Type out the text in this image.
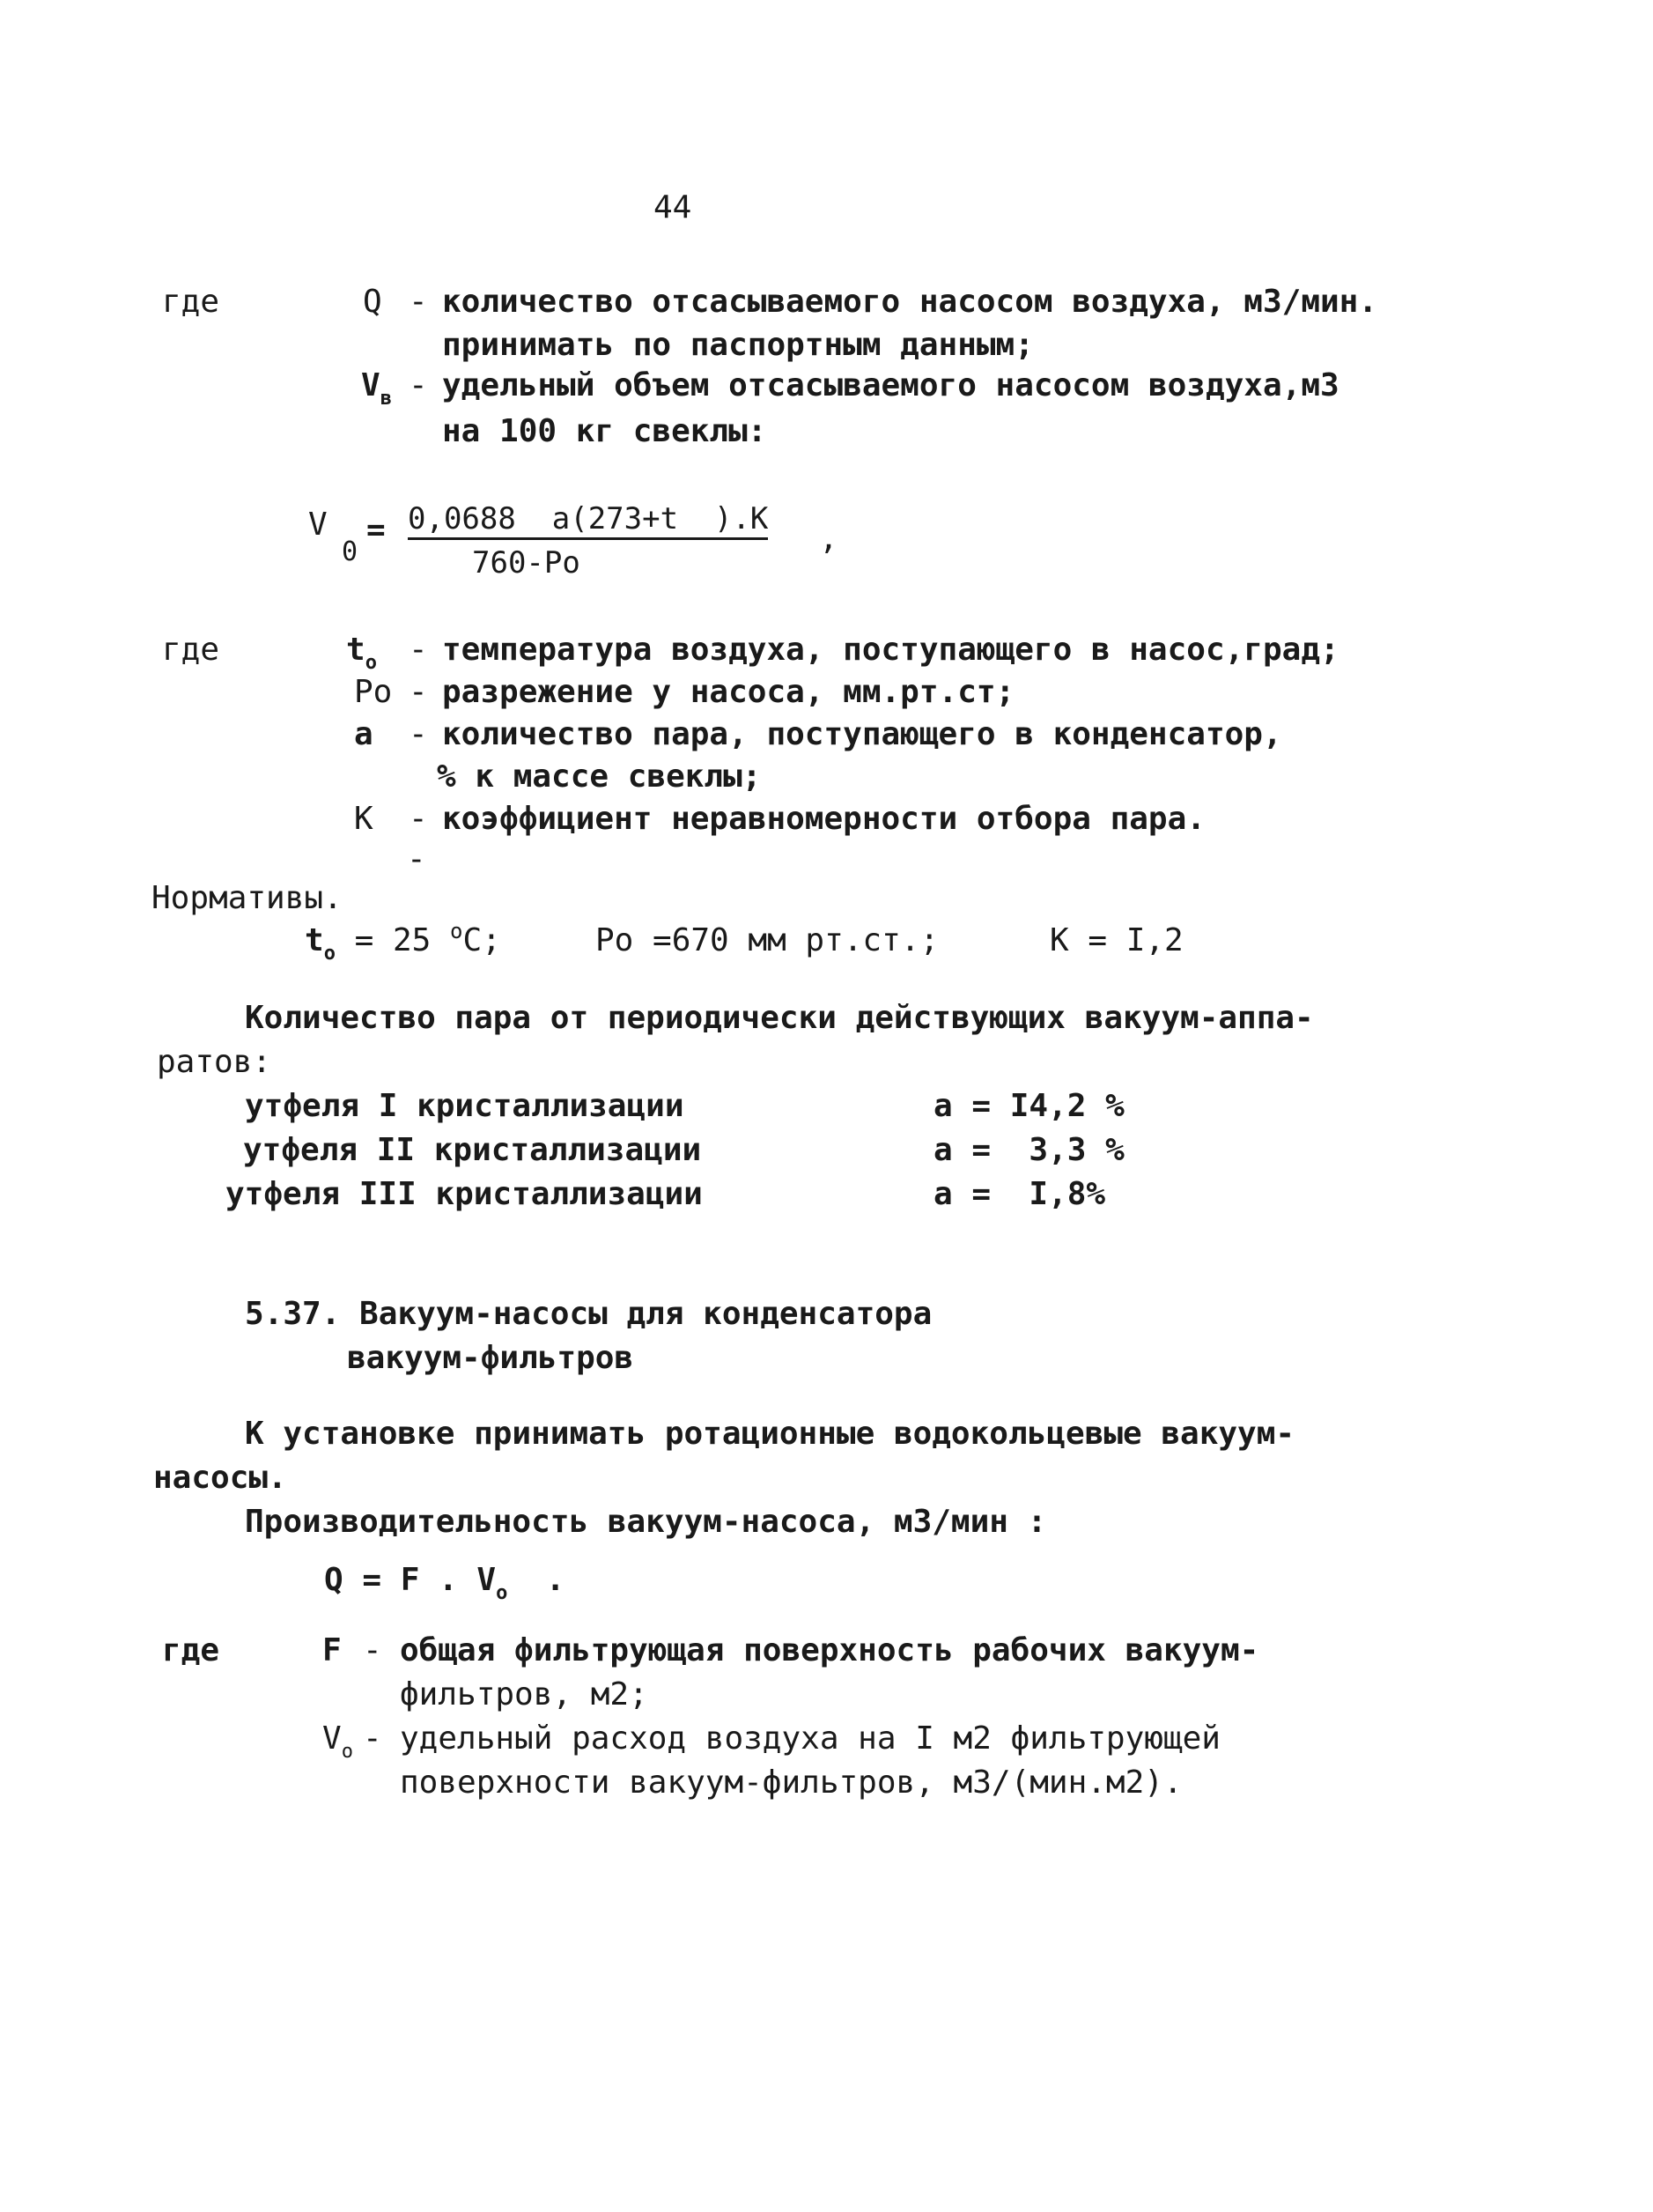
44
где	Q - количество отсасываемого насосом воздуха, м3/мин.
принимать по паспортным данным;
$V_в$ - удельный объем отсасываемого насосом воздуха,м3
на 100 кг свеклы:
V
0
= 0,0688  a(273+t  ).K
760-Po
,
где	$t_o$ - температура воздуха, поступающего в насос,град;
Po - разрежение у насоса, мм.рт.ст;
a - количество пара, поступающего в конденсатор,
% к массе свеклы;
K - коэффициент неравномерности отбора пара.
-
Нормативы.
$t_o = 25$ $^o$C;	Po =670 мм рт.ст.;	K = I,2
Количество пара от периодически действующих вакуум-аппа-
ратов:
утфеля I кристаллизации	a = I4,2 %
утфеля II кристаллизации	a =  3,3 %
утфеля III кристаллизации	a =  I,8%
5.37. Вакуум-насосы для конденсатора
вакуум-фильтров
К установке принимать ротационные водокольцевые вакуум-
насосы.
Производительность вакуум-насоса, м3/мин :
Q = F . $V_o$ .
где	F - общая фильтрующая поверхность рабочих вакуум-
фильтров, м2;
$V_o$ - удельный расход воздуха на I м2 фильтрующей
поверхности вакуум-фильтров, м3/(мин.м2).
